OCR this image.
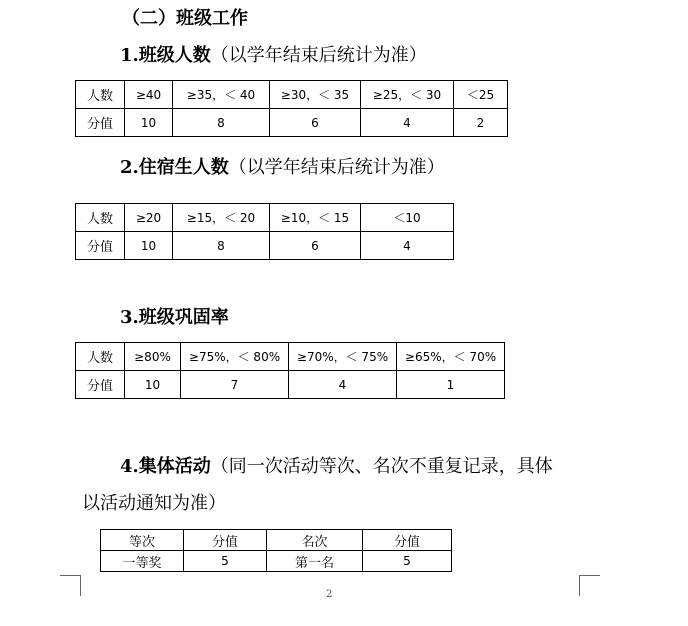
（二）班级工作
1.班级人数（以学年结束后统计为准）
人数	≥40	≥35，＜ 40	≥30，＜ 35	≥25，＜ 30	＜25
分值	10	8	6	4	2
2.住宿生人数（以学年结束后统计为准）
人数	≥20	≥15，＜ 20	≥10，＜ 15	＜10
分值	10	8	6	4
3.班级巩固率
人数	≥80%	≥75%，＜ 80%	≥70%，＜ 75%	≥65%，＜ 70%
分值	10	7	4	1
4.集体活动（同一次活动等次、名次不重复记录，具体
以活动通知为准）
等次	分值	名次	分值
一等奖	5	第一名	5
2
